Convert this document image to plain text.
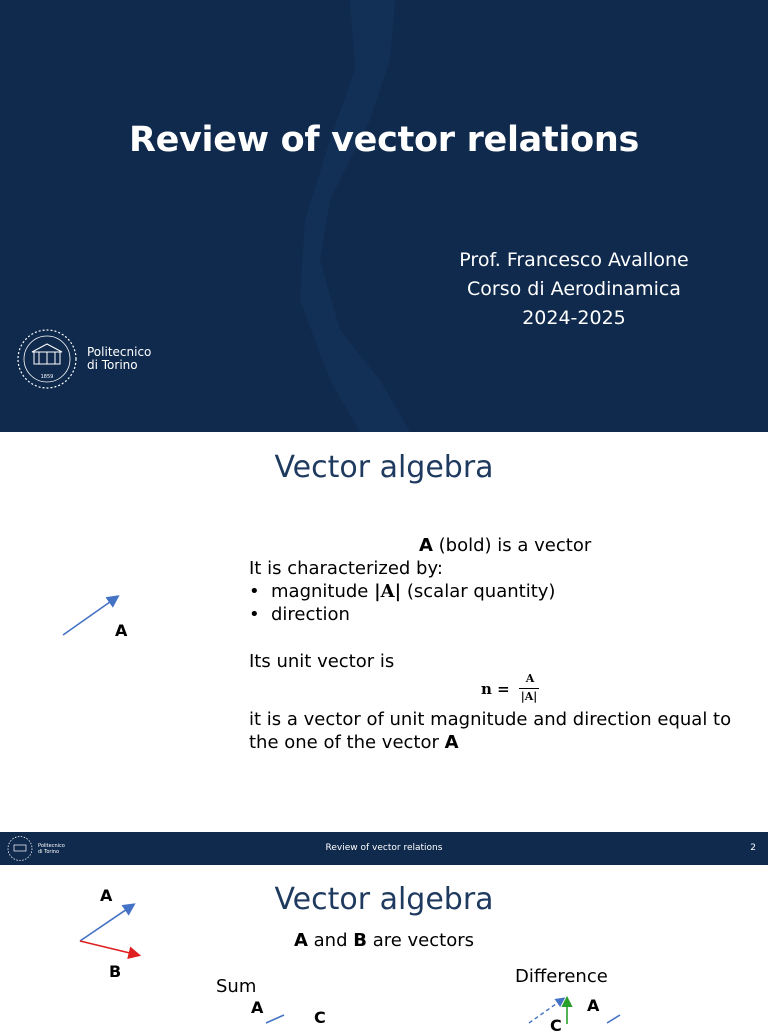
Review of vector relations
Prof. Francesco Avallone
Corso di Aerodinamica
2024-2025
1859
Politecnico
di Torino
Vector algebra
A
A (bold) is a vector
It is characterized by:
• magnitude |A| (scalar quantity)
• direction
Its unit vector is
n =
A
|A|
it is a vector of unit magnitude and direction equal to
the one of the vector A
Politecnico
di Torino	Review of vector relations	2
Vector algebra
A and B are vectors
A
B
Sum
A
C
Difference
A
C
